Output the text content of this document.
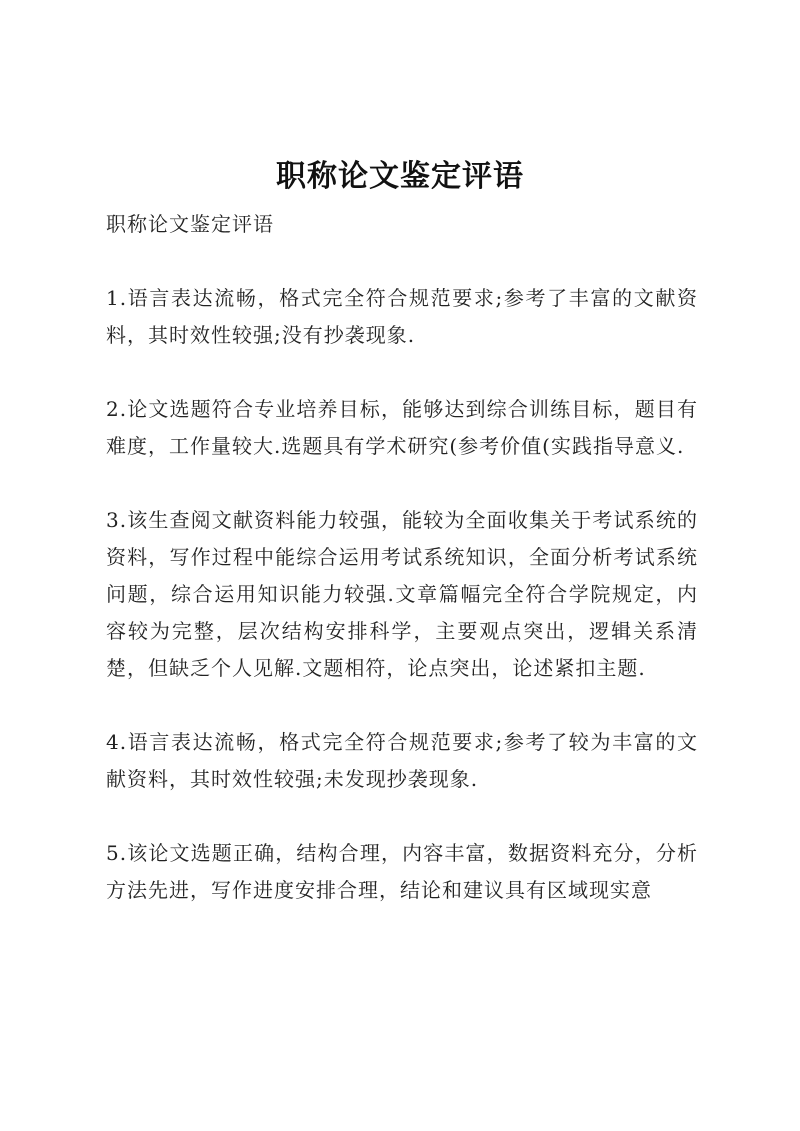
职称论文鉴定评语

职称论文鉴定评语

1.语言表达流畅，格式完全符合规范要求;参考了丰富的文献资料，其时效性较强;没有抄袭现象.

2.论文选题符合专业培养目标，能够达到综合训练目标，题目有难度，工作量较大.选题具有学术研究(参考价值(实践指导意义.

3.该生查阅文献资料能力较强，能较为全面收集关于考试系统的资料，写作过程中能综合运用考试系统知识，全面分析考试系统问题，综合运用知识能力较强.文章篇幅完全符合学院规定，内容较为完整，层次结构安排科学，主要观点突出，逻辑关系清楚，但缺乏个人见解.文题相符，论点突出，论述紧扣主题.

4.语言表达流畅，格式完全符合规范要求;参考了较为丰富的文献资料，其时效性较强;未发现抄袭现象.

5.该论文选题正确，结构合理，内容丰富，数据资料充分，分析方法先进，写作进度安排合理，结论和建议具有区域现实意
